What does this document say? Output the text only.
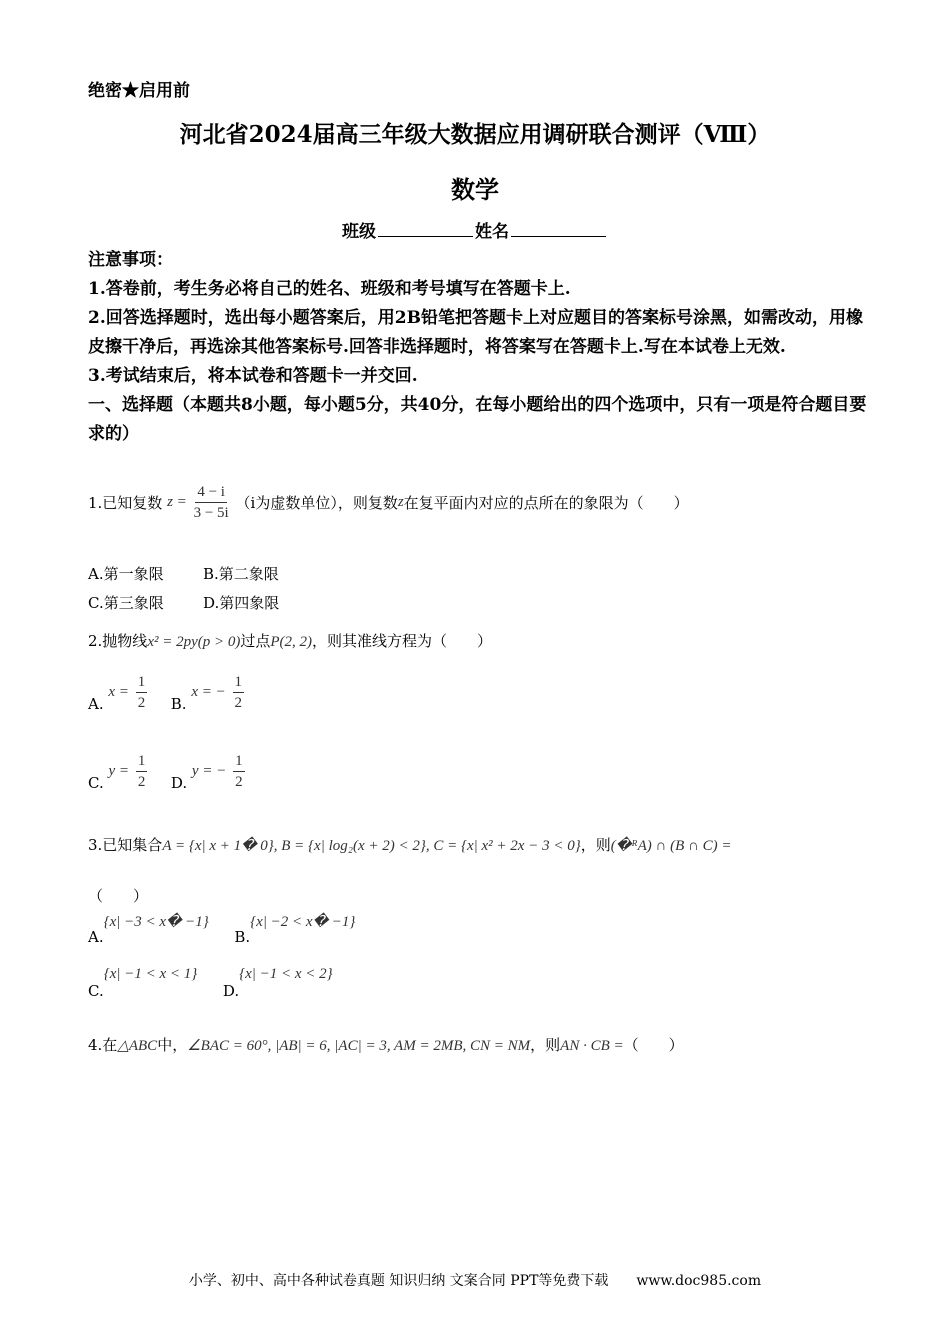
绝密★启用前
河北省2024届高三年级大数据应用调研联合测评（Ⅷ）
数学
班级	姓名

注意事项：

1.答卷前，考生务必将自己的姓名、班级和考号填写在答题卡上.

2.回答选择题时，选出每小题答案后，用2B铅笔把答题卡上对应题目的答案标号涂黑，如需改动，用橡皮擦干净后，再选涂其他答案标号.回答非选择题时，将答案写在答题卡上.写在本试卷上无效.

3.考试结束后，将本试卷和答题卡一并交回.

一、选择题（本题共8小题，每小题5分，共40分，在每小题给出的四个选项中，只有一项是符合题目要求的）

1.已知复数 $z = \frac{4 - i}{3 - 5i} (i$为虚数单位），则复数z在复平面内对应的点所在的象限为（　　）
A.第一象限	B.第二象限
C.第三象限	D.第四象限
2.抛物线x² = 2py(p > 0)过点P(2, 2)，则其准线方程为（　　）
A. $x = \frac{1}{2} B$. x = − $\frac{1}{2}$
C. $y = \frac{1}{2} D$. y = − $\frac{1}{2}$
3.已知集合A = {x| x + 1� 0}, B = {x| log₂(x + 2) < 2}, C = {x| x² + 2x − 3 < 0}，则(�ᴿA) ∩ (B ∩ C) =
（　　）
A.{x| −3 < x� −1}  B.{x| −2 < x� −1}
C.{x| −1 < x < 1}  D.{x| −1 < x < 2}
4.在△ABC中，∠BAC = 60°, |AB| = 6, |AC| = 3, AM = 2MB, CN = NM，则AN · CB =（　　）
小学、初中、高中各种试卷真题 知识归纳 文案合同 PPT等免费下载　　www.doc985.com
